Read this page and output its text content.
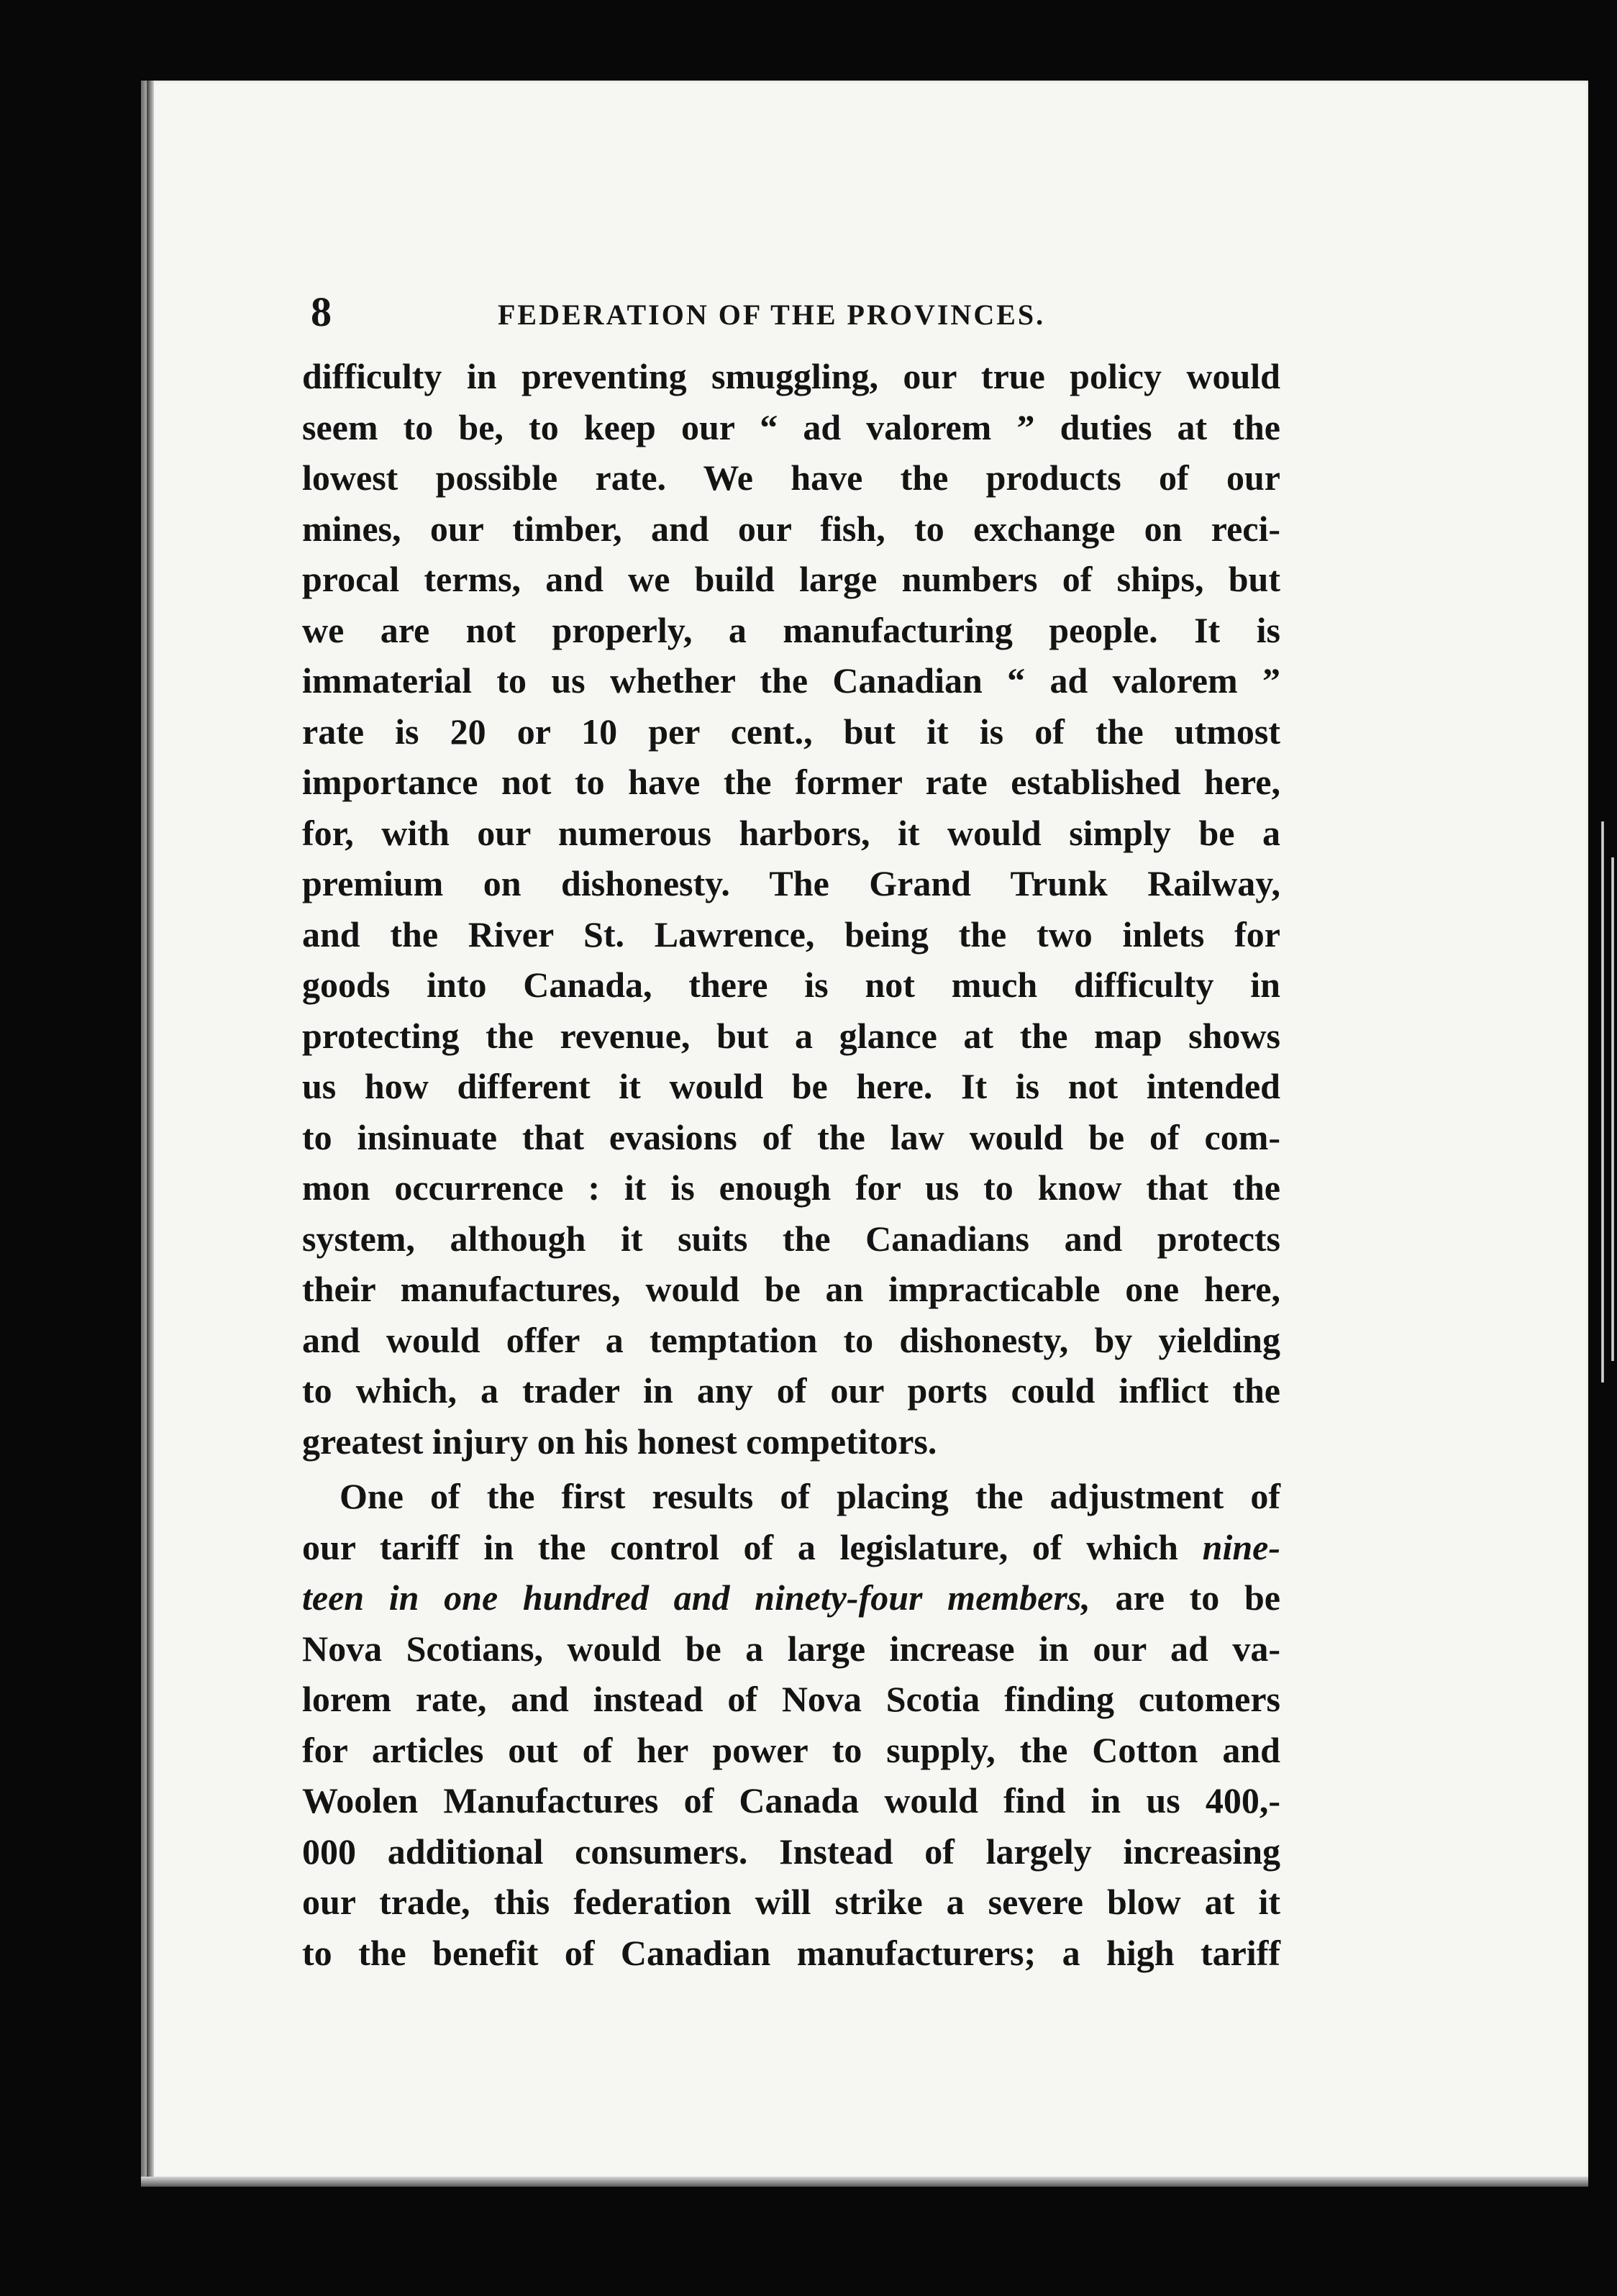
8	FEDERATION OF THE PROVINCES.
difficulty in preventing smuggling, our true policy would
seem to be, to keep our “ ad valorem ” duties at the
lowest possible rate. We have the products of our
mines, our timber, and our fish, to exchange on reci-
procal terms, and we build large numbers of ships, but
we are not properly, a manufacturing people. It is
immaterial to us whether the Canadian “ ad valorem ”
rate is 20 or 10 per cent., but it is of the utmost
importance not to have the former rate established here,
for, with our numerous harbors, it would simply be a
premium on dishonesty. The Grand Trunk Railway,
and the River St. Lawrence, being the two inlets for
goods into Canada, there is not much difficulty in
protecting the revenue, but a glance at the map shows
us how different it would be here. It is not intended
to insinuate that evasions of the law would be of com-
mon occurrence : it is enough for us to know that the
system, although it suits the Canadians and protects
their manufactures, would be an impracticable one here,
and would offer a temptation to dishonesty, by yielding
to which, a trader in any of our ports could inflict the
greatest injury on his honest competitors.
One of the first results of placing the adjustment of
our tariff in the control of a legislature, of which nine-
teen in one hundred and ninety-four members, are to be
Nova Scotians, would be a large increase in our ad va-
lorem rate, and instead of Nova Scotia finding cutomers
for articles out of her power to supply, the Cotton and
Woolen Manufactures of Canada would find in us 400,-
000 additional consumers. Instead of largely increasing
our trade, this federation will strike a severe blow at it
to the benefit of Canadian manufacturers; a high tariff
